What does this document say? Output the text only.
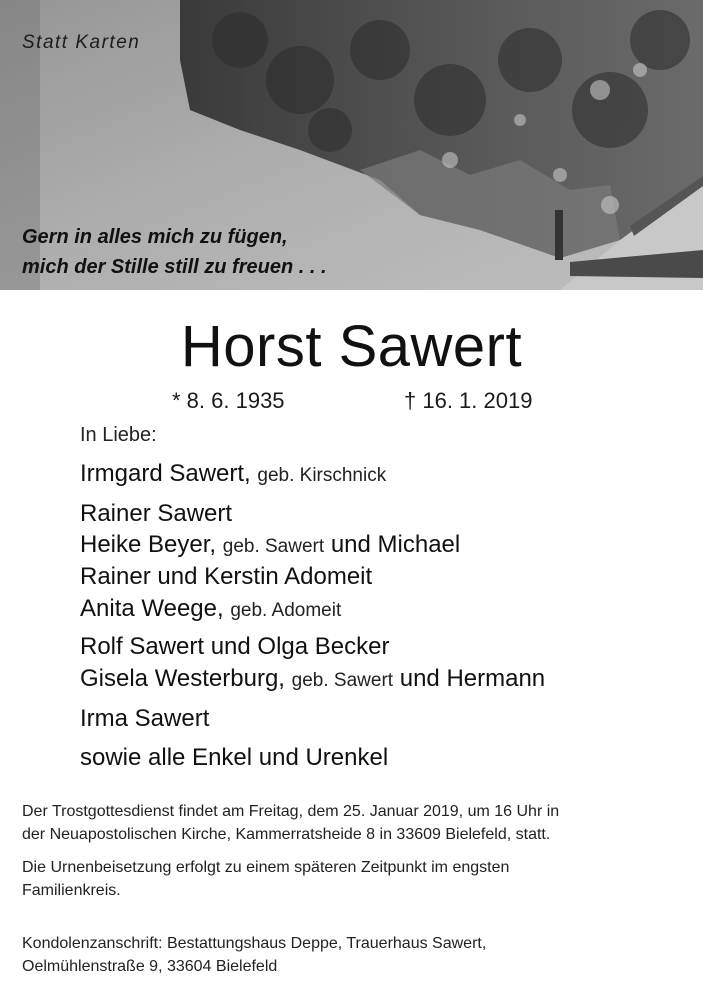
Statt Karten
Gern in alles mich zu fügen,
mich der Stille still zu freuen . . .
Horst Sawert
* 8. 6. 1935	† 16. 1. 2019
In Liebe:
Irmgard Sawert, geb. Kirschnick
Rainer Sawert
Heike Beyer, geb. Sawert und Michael
Rainer und Kerstin Adomeit
Anita Weege, geb. Adomeit
Rolf Sawert und Olga Becker
Gisela Westerburg, geb. Sawert und Hermann
Irma Sawert
sowie alle Enkel und Urenkel
Der Trostgottesdienst findet am Freitag, dem 25. Januar 2019, um 16 Uhr in
der Neuapostolischen Kirche, Kammerratsheide 8 in 33609 Bielefeld, statt.
Die Urnenbeisetzung erfolgt zu einem späteren Zeitpunkt im engsten
Familienkreis.
Kondolenzanschrift: Bestattungshaus Deppe, Trauerhaus Sawert,
Oelmühlenstraße 9, 33604 Bielefeld
